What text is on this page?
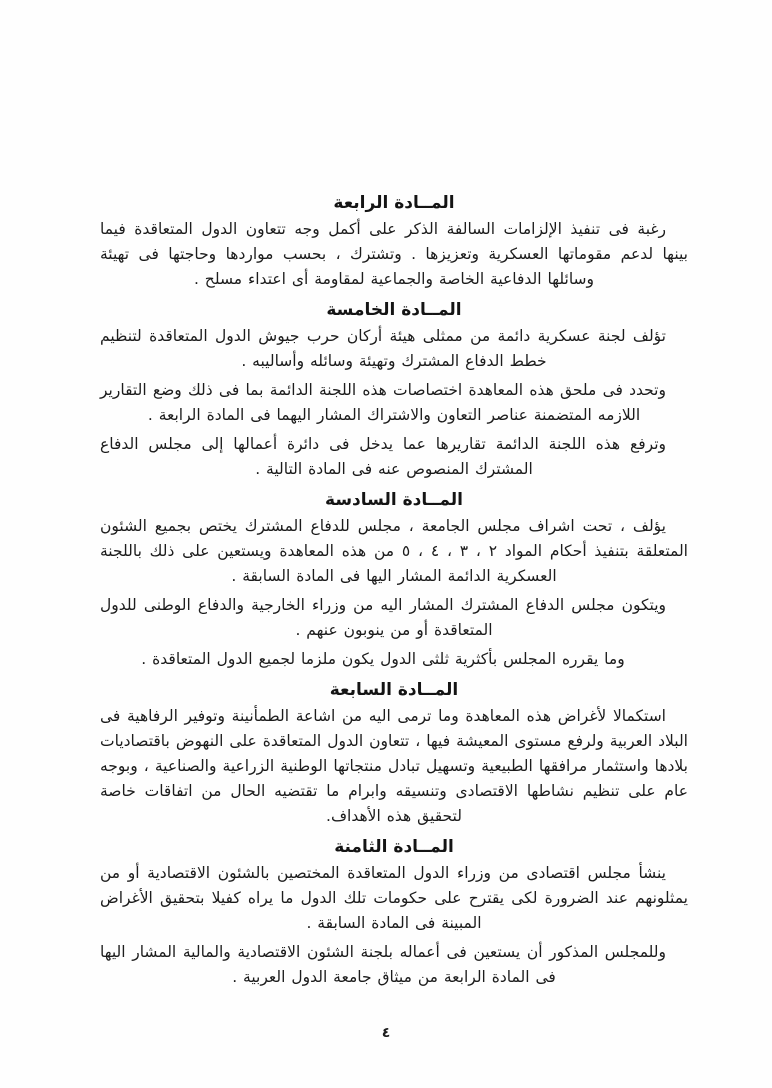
المــادة الرابعة

رغبة فى تنفيذ الإلزامات السالفة الذكر على أكمل وجه تتعاون الدول المتعاقدة فيما بينها لدعم مقوماتها العسكرية وتعزيزها . وتشترك ، بحسب مواردها وحاجتها فى تهيئة وسائلها الدفاعية الخاصة والجماعية لمقاومة أى اعتداء مسلح .

المــادة الخامسة

تؤلف لجنة عسكرية دائمة من ممثلى هيئة أركان حرب جيوش الدول المتعاقدة لتنظيم خطط الدفاع المشترك وتهيئة وسائله وأساليبه .

وتحدد فى ملحق هذه المعاهدة اختصاصات هذه اللجنة الدائمة بما فى ذلك وضع التقارير اللازمه المتضمنة عناصر التعاون والاشتراك المشار اليهما فى المادة الرابعة .

وترفع هذه اللجنة الدائمة تقاريرها عما يدخل فى دائرة أعمالها إلى مجلس الدفاع المشترك المنصوص عنه فى المادة التالية .

المــادة السادسة

يؤلف ، تحت اشراف مجلس الجامعة ، مجلس للدفاع المشترك يختص بجميع الشئون المتعلقة بتنفيذ أحكام المواد ٢ ، ٣ ، ٤ ، ٥ من هذه المعاهدة ويستعين على ذلك باللجنة العسكرية الدائمة المشار اليها فى المادة السابقة .

ويتكون مجلس الدفاع المشترك المشار اليه من وزراء الخارجية والدفاع الوطنى للدول المتعاقدة أو من ينوبون عنهم .

وما يقرره المجلس بأكثرية ثلثى الدول يكون ملزما لجميع الدول المتعاقدة .

المــادة السابعة

استكمالا لأغراض هذه المعاهدة وما ترمى اليه من اشاعة الطمأنينة وتوفير الرفاهية فى البلاد العربية ولرفع مستوى المعيشة فيها ، تتعاون الدول المتعاقدة على النهوض باقتصاديات بلادها واستثمار مرافقها الطبيعية وتسهيل تبادل منتجاتها الوطنية الزراعية والصناعية ، وبوجه عام على تنظيم نشاطها الاقتصادى وتنسيقه وابرام ما تقتضيه الحال من اتفاقات خاصة لتحقيق هذه الأهداف.

المــادة الثامنة

ينشأ مجلس اقتصادى من وزراء الدول المتعاقدة المختصين بالشئون الاقتصادية أو من يمثلونهم عند الضرورة لكى يقترح على حكومات تلك الدول ما يراه كفيلا بتحقيق الأغراض المبينة فى المادة السابقة .

وللمجلس المذكور أن يستعين فى أعماله بلجنة الشئون الاقتصادية والمالية المشار اليها فى المادة الرابعة من ميثاق جامعة الدول العربية .

٤
